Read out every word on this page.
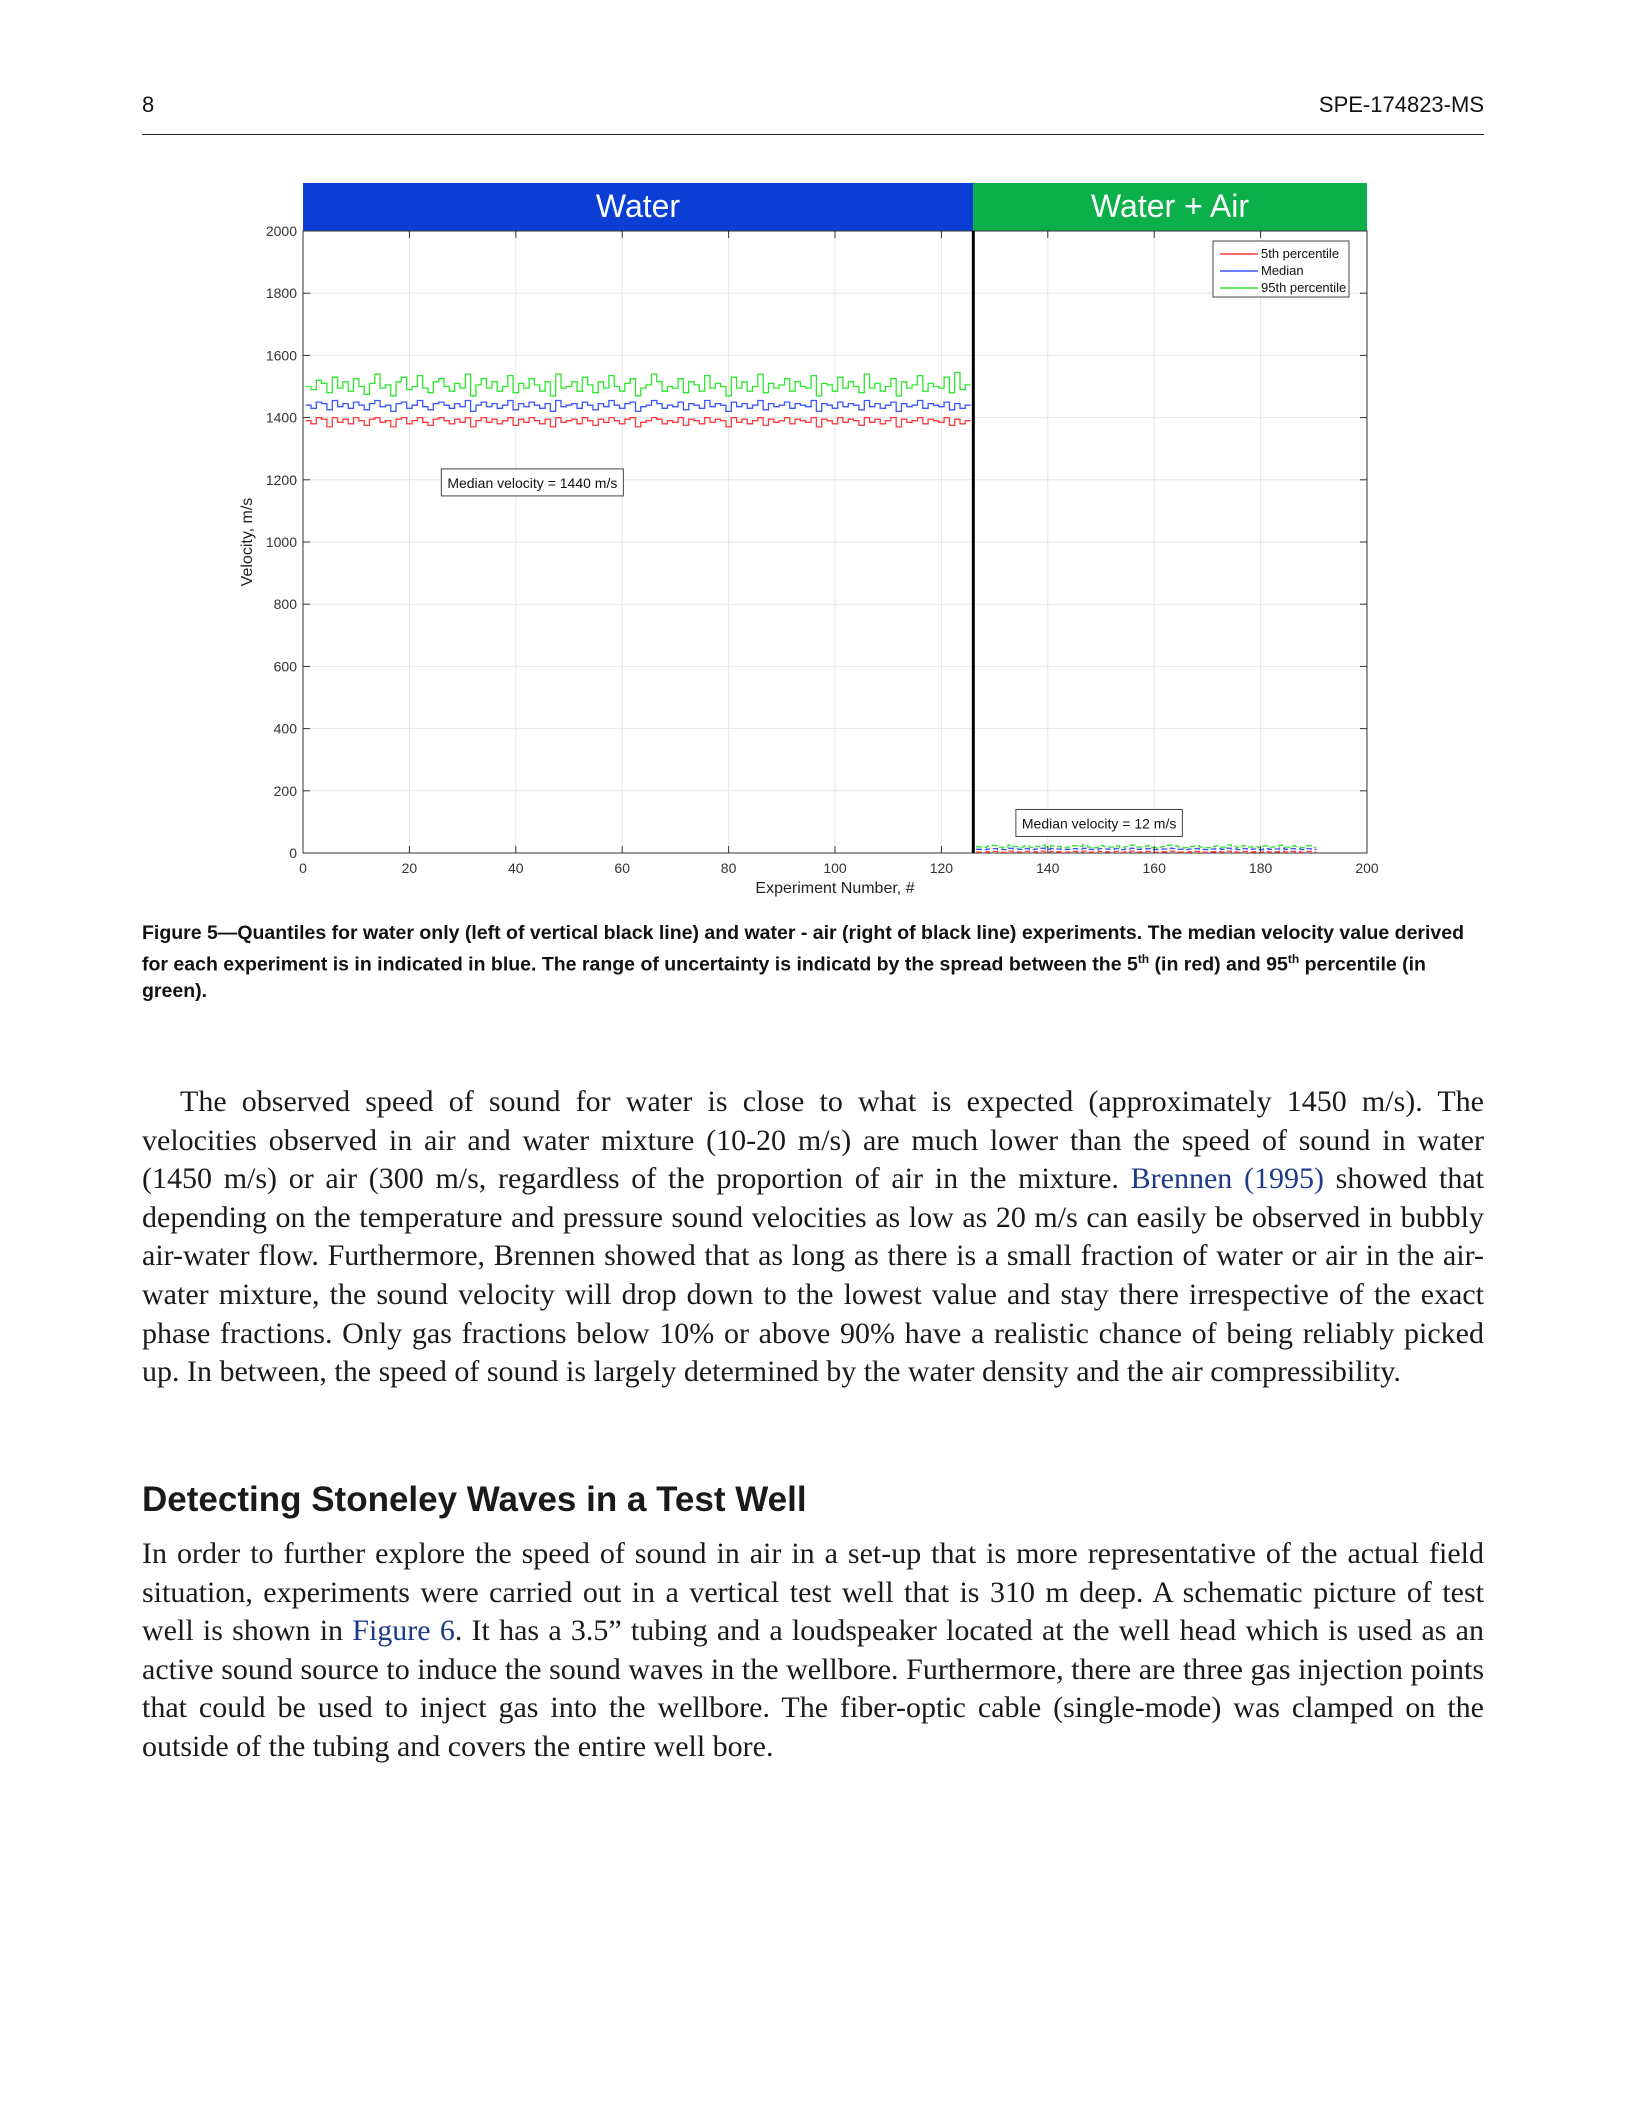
8	SPE-174823-MS
Water	Water + Air
0	20	40	60	80	100	120	140	160	180	200
0
200
400
600
800
1000
1200
1400
1600
1800
2000
Median velocity = 1440 m/s
Median velocity = 12 m/s
5th percentile
Median
95th percentile
Experiment Number, #
Velocity, m/s
Figure 5—Quantiles for water only (left of vertical black line) and water - air (right of black line) experiments. The median velocity value derived for each experiment is in indicated in blue. The range of uncertainty is indicatd by the spread between the 5th (in red) and 95th percentile (in green).

The observed speed of sound for water is close to what is expected (approximately 1450 m/s). The velocities observed in air and water mixture (10-20 m/s) are much lower than the speed of sound in water (1450 m/s) or air (300 m/s, regardless of the proportion of air in the mixture. Brennen (1995) showed that depending on the temperature and pressure sound velocities as low as 20 m/s can easily be observed in bubbly air-water flow. Furthermore, Brennen showed that as long as there is a small fraction of water or air in the air-water mixture, the sound velocity will drop down to the lowest value and stay there irrespective of the exact phase fractions. Only gas fractions below 10% or above 90% have a realistic chance of being reliably picked up. In between, the speed of sound is largely determined by the water density and the air compressibility.

Detecting Stoneley Waves in a Test Well

In order to further explore the speed of sound in air in a set-up that is more representative of the actual field situation, experiments were carried out in a vertical test well that is 310 m deep. A schematic picture of test well is shown in Figure 6. It has a 3.5” tubing and a loudspeaker located at the well head which is used as an active sound source to induce the sound waves in the wellbore. Furthermore, there are three gas injection points that could be used to inject gas into the wellbore. The fiber-optic cable (single-mode) was clamped on the outside of the tubing and covers the entire well bore.
